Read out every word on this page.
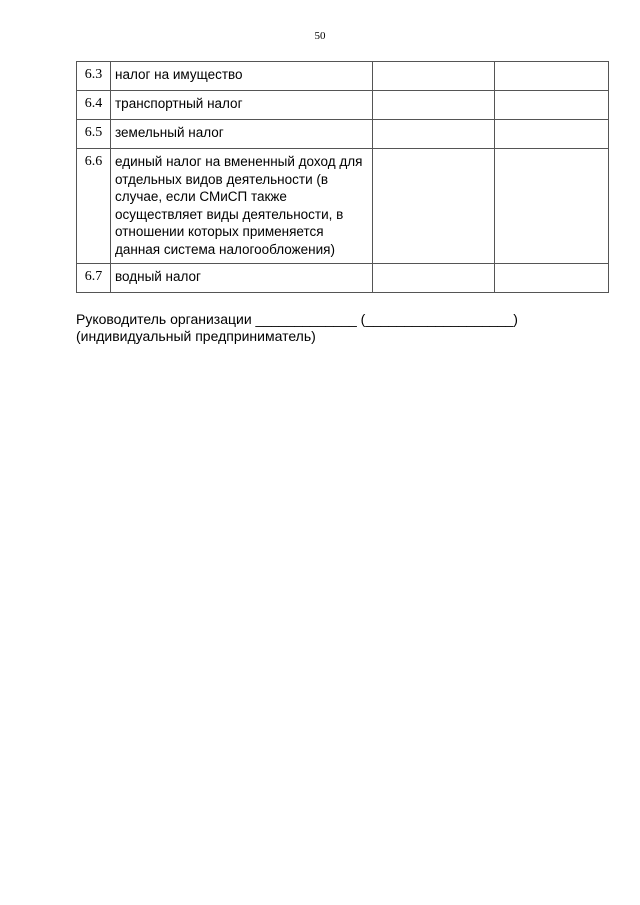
50
6.3	налог на имущество		
6.4	транспортный налог		
6.5	земельный налог		
6.6	единый налог на вмененный доход для отдельных видов деятельности (в случае, если СМиСП также осуществляет виды деятельности, в отношении которых применяется данная система налогообложения)		
6.7	водный налог		
Руководитель организации _____________ (___________________)
(индивидуальный предприниматель)
